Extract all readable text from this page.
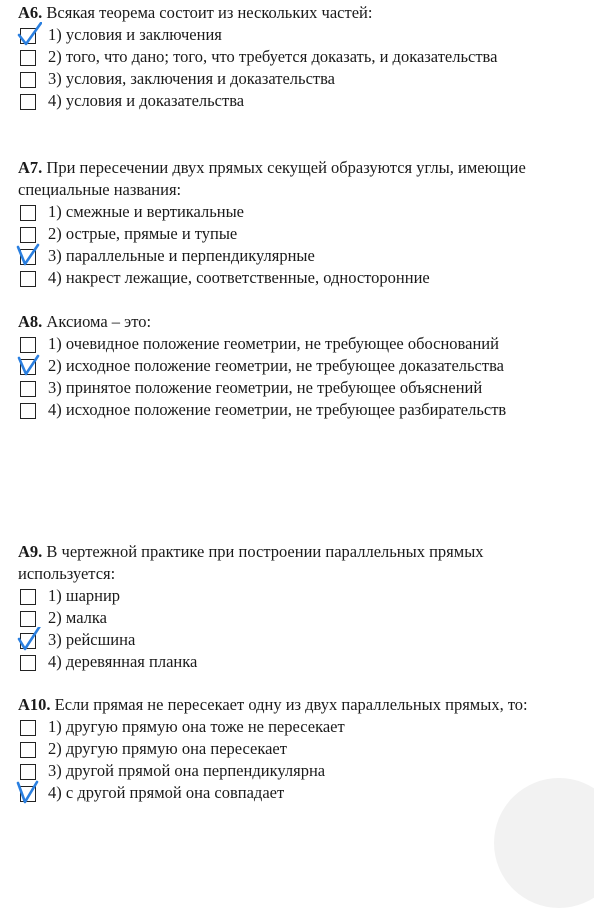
А6. Всякая теорема состоит из нескольких частей:

1) условия и заключения
2) того, что дано; того, что требуется доказать, и доказательства
3) условия, заключения и доказательства
4) условия и доказательства

А7. При пересечении двух прямых секущей образуются углы, имеющие специальные названия:

1) смежные и вертикальные
2) острые, прямые и тупые
3) параллельные и перпендикулярные
4) накрест лежащие, соответственные, односторонние

А8. Аксиома – это:

1) очевидное положение геометрии, не требующее обоснований
2) исходное положение геометрии, не требующее доказательства
3) принятое положение геометрии, не требующее объяснений
4) исходное положение геометрии, не требующее разбирательств

А9. В чертежной практике при построении параллельных прямых используется:

1) шарнир
2) малка
3) рейсшина
4) деревянная планка

А10. Если прямая не пересекает одну из двух параллельных прямых, то:

1) другую прямую она тоже не пересекает
2) другую прямую она пересекает
3) другой прямой она перпендикулярна
4) с другой прямой она совпадает
